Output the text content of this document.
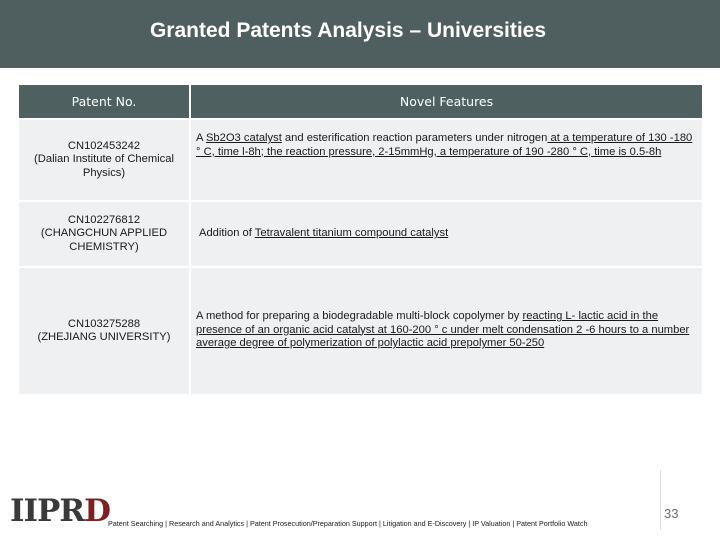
Granted Patents Analysis – Universities
Patent No.	Novel Features
CN102453242
(Dalian Institute of Chemical
Physics)
A Sb2O3 catalyst and esterification reaction parameters under nitrogen at a temperature of 130 -180 ° C, time l-8h; the reaction pressure, 2-15mmHg, a temperature of 190 -280 ° C, time is 0.5-8h
CN102276812
(CHANGCHUN APPLIED
CHEMISTRY)
Addition of Tetravalent titanium compound catalyst
A method for preparing a biodegradable multi-block copolymer by reacting L- lactic acid in the presence of an organic acid catalyst at 160-200 ° c under melt condensation 2 -6 hours to a number average degree of polymerization of polylactic acid prepolymer 50-250
CN103275288
(ZHEJIANG UNIVERSITY)
IIPRD
Patent Searching | Research and Analytics | Patent Prosecution/Preparation Support | Litigation and E-Discovery | IP Valuation | Patent Portfolio Watch
33
